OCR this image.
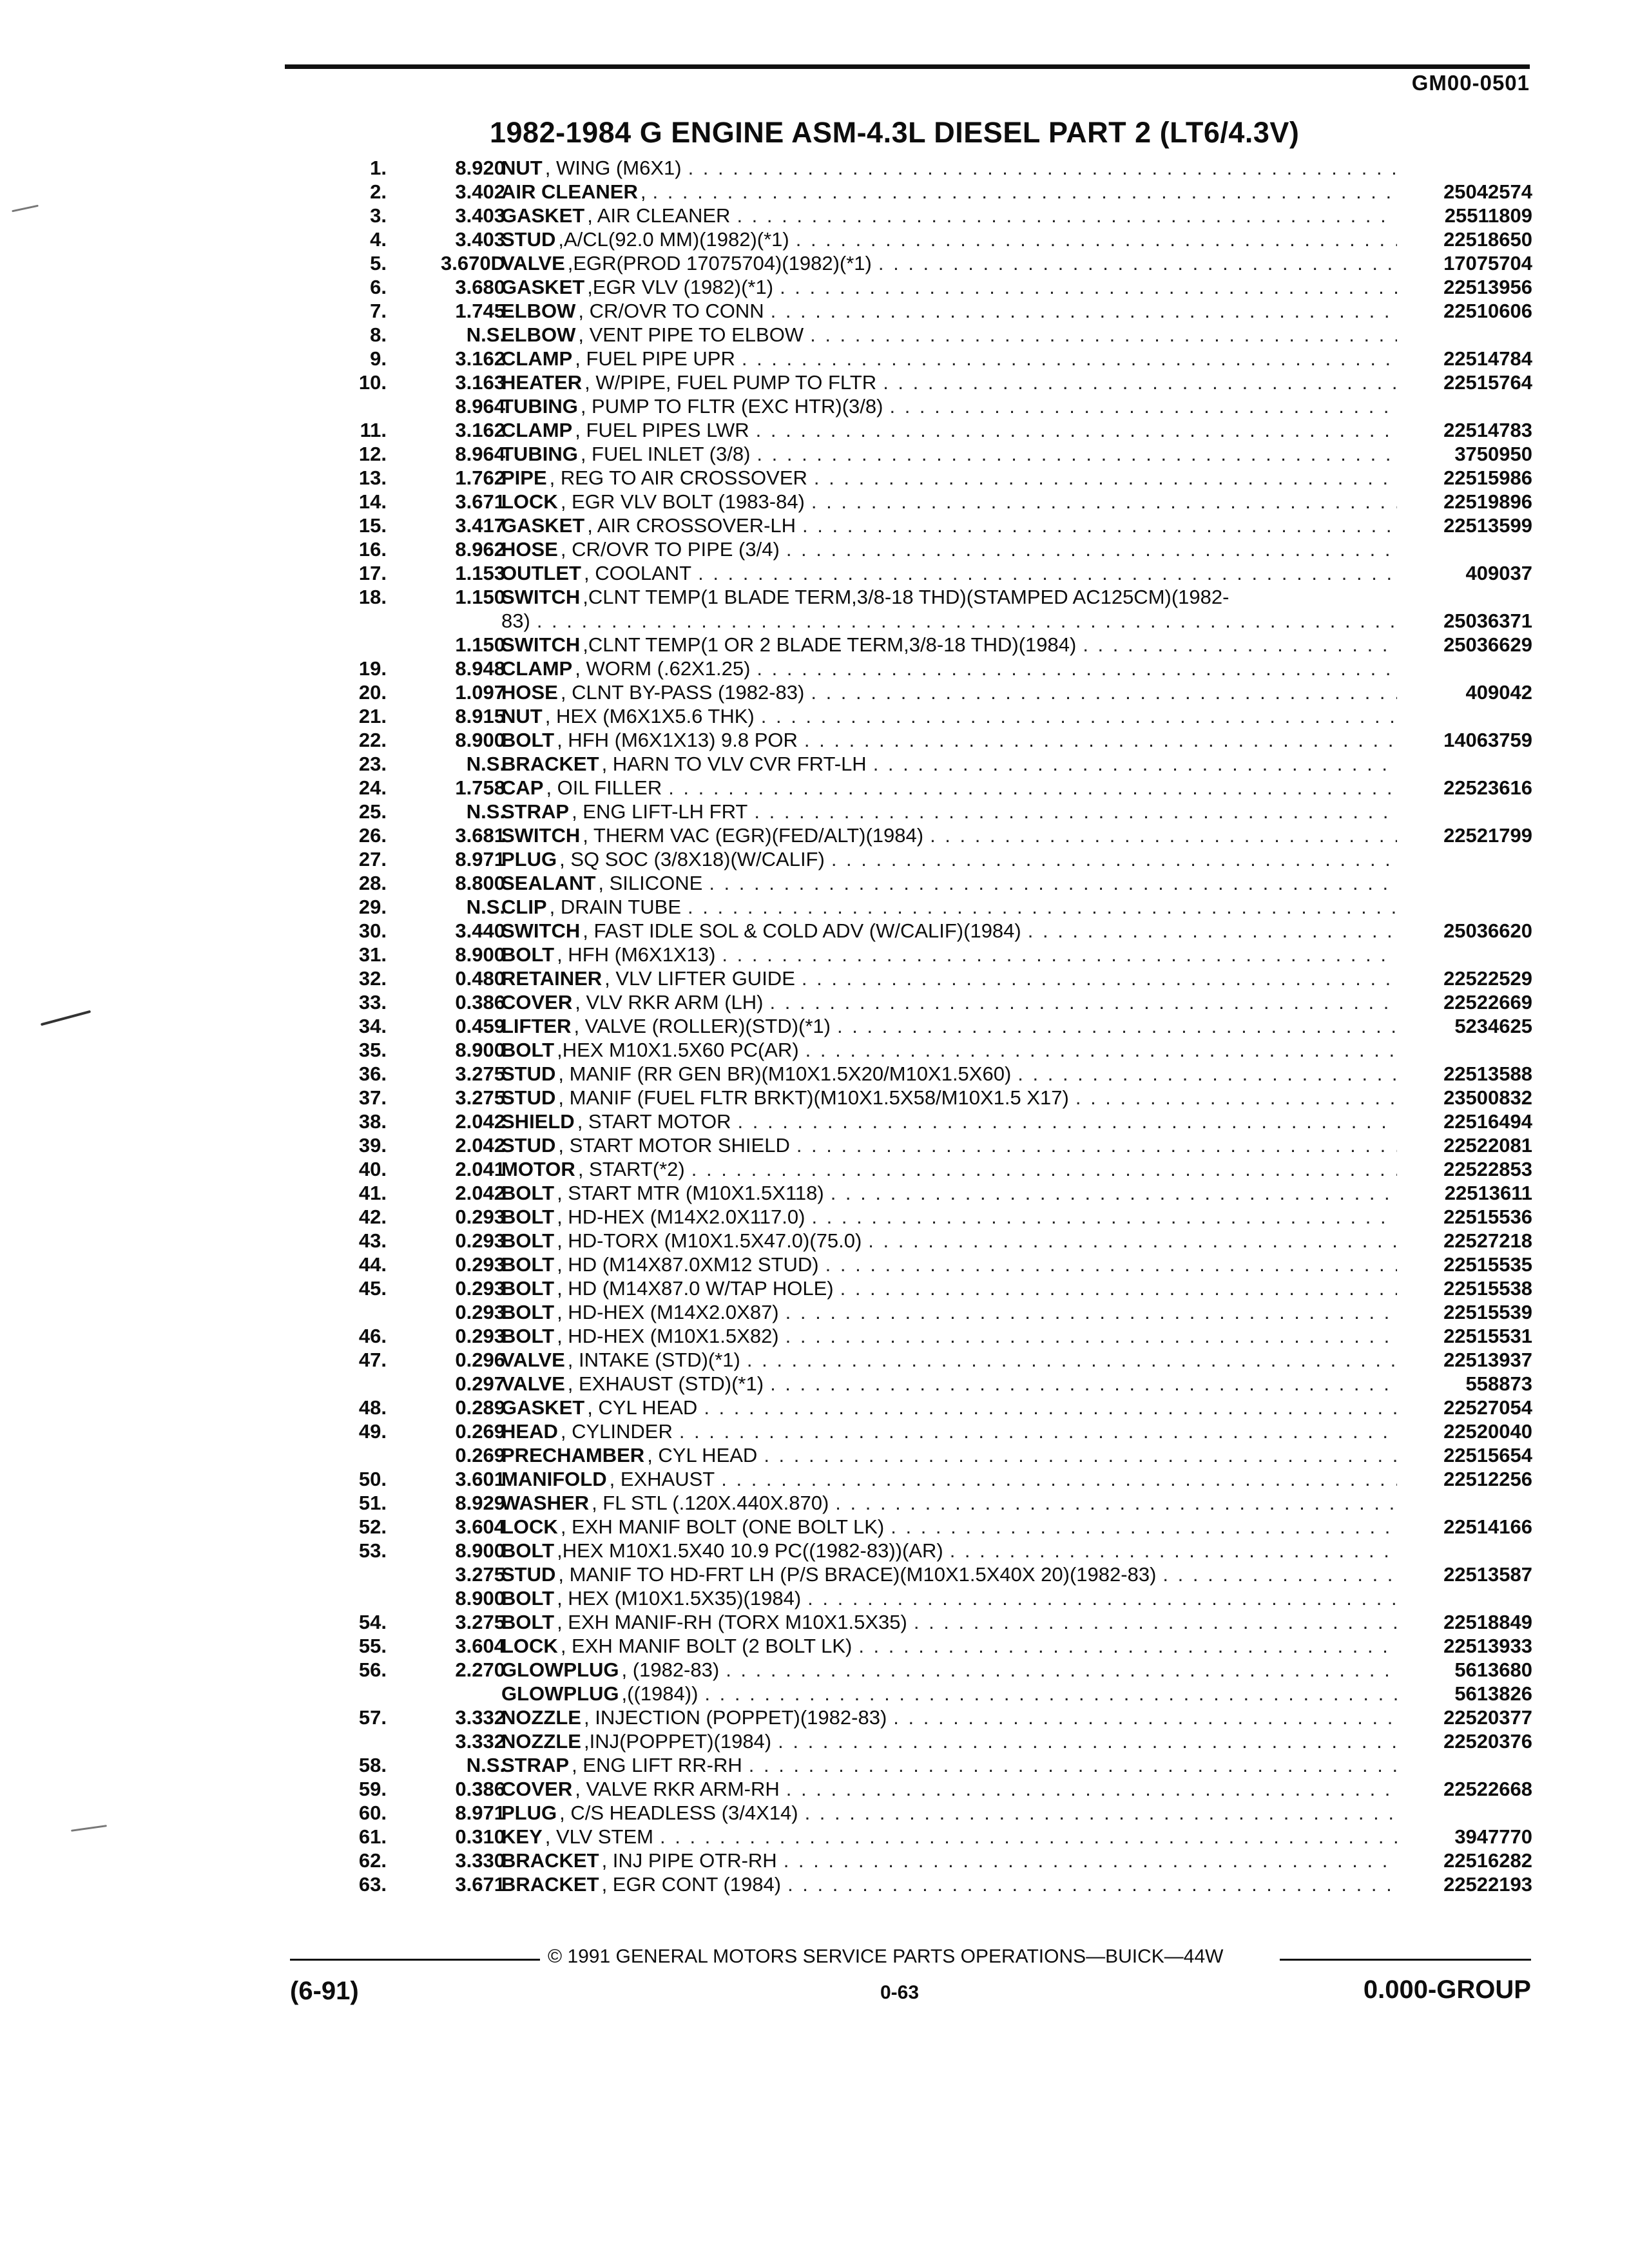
GM00-0501
1982-1984 G ENGINE ASM-4.3L DIESEL PART 2 (LT6/4.3V)
1.	8.920
NUT , WING (M6X1)
. . .
2.	3.402
AIR CLEANER , . . .	25042574
3.	3.403
GASKET , AIR CLEANER . . .	25511809
4.	3.403
STUD ,A/CL(92.0 MM)(1982)(*1) . . .	22518650
5.	3.670D
VALVE ,EGR(PROD 17075704)(1982)(*1) . . .	17075704
6.	3.680
GASKET ,EGR VLV (1982)(*1) . . .	22513956
7.	1.745
ELBOW , CR/OVR TO CONN . . .	22510606
8.	N.S.
ELBOW , VENT PIPE TO ELBOW
. . .
9.	3.162
CLAMP , FUEL PIPE UPR . . .	22514784
10.	3.163
HEATER , W/PIPE, FUEL PUMP TO FLTR . . .	22515764
8.964
TUBING , PUMP TO FLTR (EXC HTR)(3/8)
. . .
11.	3.162
CLAMP , FUEL PIPES LWR . . .	22514783
12.	8.964
TUBING , FUEL INLET (3/8) . . .	3750950
13.	1.762
PIPE , REG TO AIR CROSSOVER . . .	22515986
14.	3.671
LOCK , EGR VLV BOLT (1983-84) . . .	22519896
15.	3.417
GASKET , AIR CROSSOVER-LH . . .	22513599
16.	8.962
HOSE , CR/OVR TO PIPE (3/4)
. . .
17.	1.153
OUTLET , COOLANT . . .	409037
18.	1.150
SWITCH ,CLNT TEMP(1 BLADE TERM,3/8-18 THD)(STAMPED AC125CM)(1982-
83) . . .	25036371
1.150
SWITCH ,CLNT TEMP(1 OR 2 BLADE TERM,3/8-18 THD)(1984) . . .	25036629
19.	8.948
CLAMP , WORM (.62X1.25)
. . .
20.	1.097
HOSE , CLNT BY-PASS (1982-83) . . .	409042
21.	8.915
NUT , HEX (M6X1X5.6 THK)
. . .
22.	8.900
BOLT , HFH (M6X1X13) 9.8 POR . . .	14063759
23.	N.S.
BRACKET , HARN TO VLV CVR FRT-LH
. . .
24.	1.758
CAP , OIL FILLER . . .	22523616
25.	N.S.
STRAP , ENG LIFT-LH FRT
. . .
26.	3.681
SWITCH , THERM VAC (EGR)(FED/ALT)(1984) . . .	22521799
27.	8.971
PLUG , SQ SOC (3/8X18)(W/CALIF)
. . .
28.	8.800
SEALANT , SILICONE
. . .
29.	N.S.
CLIP , DRAIN TUBE
. . .
30.	3.440
SWITCH , FAST IDLE SOL & COLD ADV (W/CALIF)(1984) . . .	25036620
31.	8.900
BOLT , HFH (M6X1X13)
. . .
32.	0.480
RETAINER , VLV LIFTER GUIDE . . .	22522529
33.	0.386
COVER , VLV RKR ARM (LH) . . .	22522669
34.	0.459
LIFTER , VALVE (ROLLER)(STD)(*1) . . .	5234625
35.	8.900
BOLT ,HEX M10X1.5X60 PC(AR)
. . .
36.	3.275
STUD , MANIF (RR GEN BR)(M10X1.5X20/M10X1.5X60) . . .	22513588
37.	3.275
STUD , MANIF (FUEL FLTR BRKT)(M10X1.5X58/M10X1.5 X17) . . .	23500832
38.	2.042
SHIELD , START MOTOR . . .	22516494
39.	2.042
STUD , START MOTOR SHIELD . . .	22522081
40.	2.041
MOTOR , START(*2) . . .	22522853
41.	2.042
BOLT , START MTR (M10X1.5X118) . . .	22513611
42.	0.293
BOLT , HD-HEX (M14X2.0X117.0) . . .	22515536
43.	0.293
BOLT , HD-TORX (M10X1.5X47.0)(75.0) . . .	22527218
44.	0.293
BOLT , HD (M14X87.0XM12 STUD) . . .	22515535
45.	0.293
BOLT , HD (M14X87.0 W/TAP HOLE) . . .	22515538
0.293
BOLT , HD-HEX (M14X2.0X87) . . .	22515539
46.	0.293
BOLT , HD-HEX (M10X1.5X82) . . .	22515531
47.	0.296
VALVE , INTAKE (STD)(*1) . . .	22513937
0.297
VALVE , EXHAUST (STD)(*1) . . .	558873
48.	0.289
GASKET , CYL HEAD . . .	22527054
49.	0.269
HEAD , CYLINDER . . .	22520040
0.269
PRECHAMBER , CYL HEAD . . .	22515654
50.	3.601
MANIFOLD , EXHAUST . . .	22512256
51.	8.929
WASHER , FL STL (.120X.440X.870)
. . .
52.	3.604
LOCK , EXH MANIF BOLT (ONE BOLT LK) . . .	22514166
53.	8.900
BOLT ,HEX M10X1.5X40 10.9 PC((1982-83))(AR)
. . .
3.275
STUD , MANIF TO HD-FRT LH (P/S BRACE)(M10X1.5X40X 20)(1982-83) . . .	22513587
8.900
BOLT , HEX (M10X1.5X35)(1984)
. . .
54.	3.275
BOLT , EXH MANIF-RH (TORX M10X1.5X35) . . .	22518849
55.	3.604
LOCK , EXH MANIF BOLT (2 BOLT LK) . . .	22513933
56.	2.270
GLOWPLUG , (1982-83) . . .	5613680
GLOWPLUG ,((1984)) . . .	5613826
57.	3.332
NOZZLE , INJECTION (POPPET)(1982-83) . . .	22520377
3.332
NOZZLE ,INJ(POPPET)(1984) . . .	22520376
58.	N.S.
STRAP , ENG LIFT RR-RH
. . .
59.	0.386
COVER , VALVE RKR ARM-RH . . .	22522668
60.	8.971
PLUG , C/S HEADLESS (3/4X14)
. . .
61.	0.310
KEY , VLV STEM . . .	3947770
62.	3.330
BRACKET , INJ PIPE OTR-RH . . .	22516282
63.	3.671
BRACKET , EGR CONT (1984) . . .	22522193
© 1991 GENERAL MOTORS SERVICE PARTS OPERATIONS—BUICK—44W
(6-91)	0-63	0.000-GROUP
